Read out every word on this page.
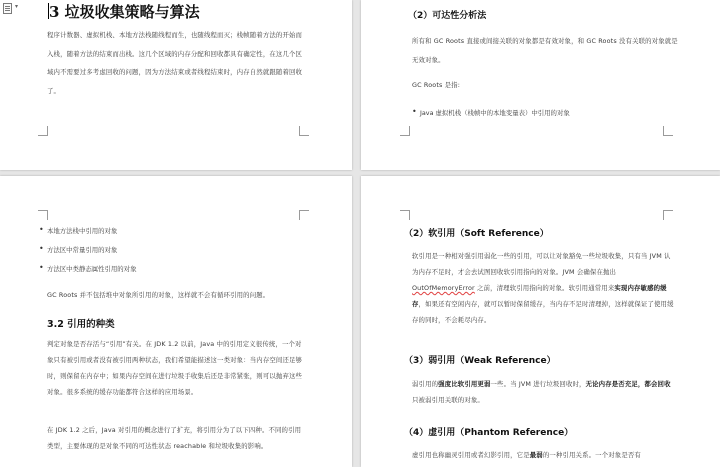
▾ 3 垃圾收集策略与算法
程序计数器、虚拟机栈、本地方法栈随线程而生，也随线程而灭；栈帧随着方法的开始而入栈，随着方法的结束而出栈。这几个区域的内存分配和回收都具有确定性，在这几个区域内不需要过多考虑回收的问题，因为方法结束或者线程结束时，内存自然就跟随着回收了。
（2）可达性分析法
所有和 GC Roots 直接或间接关联的对象都是有效对象，和 GC Roots 没有关联的对象就是无效对象。
GC Roots 是指:
• Java 虚拟机栈（栈帧中的本地变量表）中引用的对象
• 本地方法栈中引用的对象
• 方法区中常量引用的对象
• 方法区中类静态属性引用的对象
GC Roots 并不包括堆中对象所引用的对象，这样就不会有循环引用的问题。
3.2 引用的种类
判定对象是否存活与“引用”有关。在 JDK 1.2 以前，Java 中的引用定义很传统，一个对象只有被引用或者没有被引用两种状态，我们希望能描述这一类对象：当内存空间还足够时，则保留在内存中；如果内存空间在进行垃圾手收集后还是非常紧张，则可以抛弃这些对象。很多系统的缓存功能都符合这样的应用场景。
在 JDK 1.2 之后，Java 对引用的概念进行了扩充，将引用分为了以下四种。不同的引用类型，主要体现的是对象不同的可达性状态 reachable 和垃圾收集的影响。
（2）软引用（Soft Reference）
软引用是一种相对强引用弱化一些的引用，可以让对象豁免一些垃圾收集，只有当 JVM 认为内存不足时，才会去试图回收软引用指向的对象。JVM 会确保在抛出 OutOfMemoryError 之前，清理软引用指向的对象。软引用通常用来实现内存敏感的缓存，如果还有空闲内存，就可以暂时保留缓存，当内存不足时清理掉，这样就保证了使用缓存的同时，不会耗尽内存。
（3）弱引用（Weak Reference）
弱引用的强度比软引用更弱一些。当 JVM 进行垃圾回收时，无论内存是否充足，都会回收只被弱引用关联的对象。
（4）虚引用（Phantom Reference）
虚引用也称幽灵引用或者幻影引用，它是最弱的一种引用关系。一个对象是否有
